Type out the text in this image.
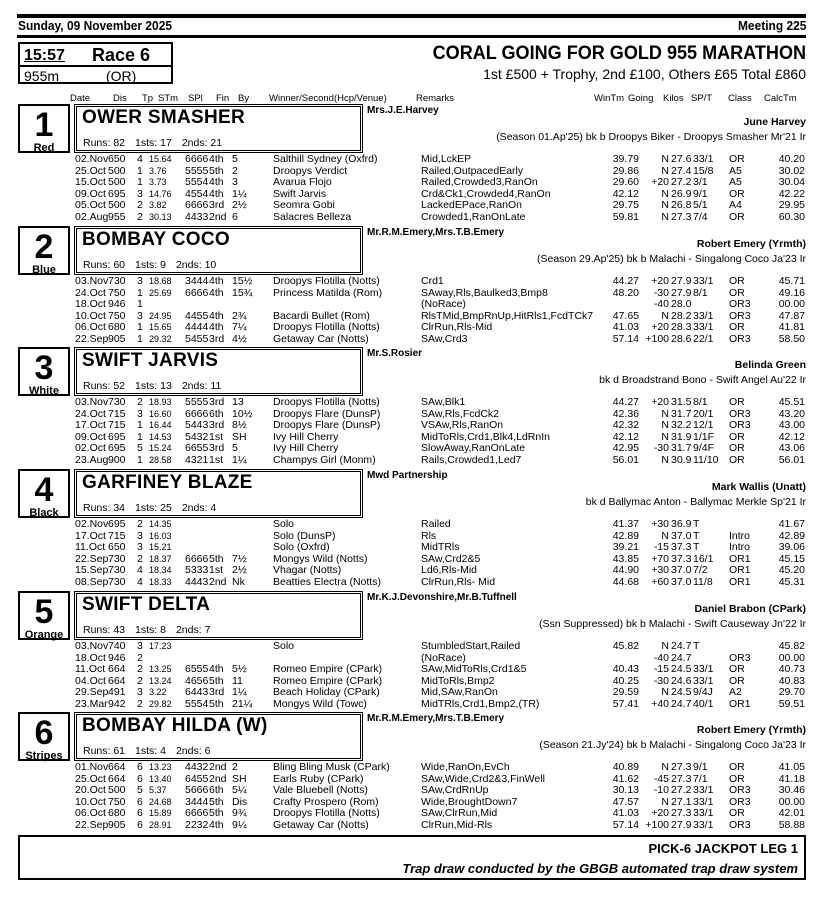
Sunday, 09 November 2025	Meeting 225
15:57 Race 6
955m	(OR)
CORAL GOING FOR GOLD 955 MARATHON
1st £500 + Trophy, 2nd £100, Others £65 Total £860
Date Dis Tp STm SPl Fin By Winner/Second(Hcp/Venue)	Remarks	WinTm Going Kilos SP/T Class CalcTm
1
Red
OWER SMASHER
Runs: 82 1sts: 17 2nds: 21
Mrs.J.E.Harvey
June Harvey
(Season 01.Ap'25) bk b Droopys Biker - Droopys Smasher Mr'21 Ir
02.Nov 650 4 15.64 6666 4th 5	Salthill Sydney (Oxfrd)	Mid,LckEP	39.79	N 27.6 33/1 OR	40.20
25.Oct 500 1 3.76 5555 5th 2	Droopys Verdict	Railed,OutpacedEarly	29.86	N 27.4 15/8 A5	30.02
15.Oct 500 1 3.73 5554 4th 3	Avarua Flojo	Railed,Crowded3,RanOn	29.60	+20 27.2 3/1 A5	30.04
09.Oct 695 3 14.76 4554 4th 1¼	Swift Jarvis	Crd&Ck1,Crowded4,RanOn	42.12	N 26.9 9/1 OR	42.22
05.Oct 500 2 3.82 6666 3rd 2½	Seomra Gobi	LackedEPace,RanOn	29.75	N 26.8 5/1 A4	29.95
02.Aug 955 2 30.13 4433 2nd 6	Salacres Belleza	Crowded1,RanOnLate	59.81	N 27.3 7/4 OR	60.30
2
Blue
BOMBAY COCO
Runs: 60 1sts: 9 2nds: 10
Mr.R.M.Emery,Mrs.T.B.Emery
Robert Emery (Yrmth)
(Season 29.Ap'25) bk b Malachi - Singalong Coco Ja'23 Ir
03.Nov 730 3 18.68 3444 4th 15½ Droopys Flotilla (Notts)	Crd1	44.27	+20 27.9 33/1 OR	45.71
24.Oct 750 1 25.69 6666 4th 15¾ Princess Matilda (Rom)	SAway,Rls,Baulked3,Bmp8	48.20	-30 27.9 8/1 OR	49.16
18.Oct 946 1	(NoRace)	-40 28.0	OR3	00.00
10.Oct 750 3 24.95 4455 4th 2¾	Bacardi Bullet (Rom)	RlsTMid,BmpRnUp,HitRls1,FcdTCk7	47.65	N 28.2 33/1 OR3	47.87
06.Oct 680 1 15.65 4444 4th 7¼	Droopys Flotilla (Notts)	ClrRun,Rls-Mid	41.03	+20 28.3 33/1 OR	41.81
22.Sep 905 1 29.32 5455 3rd 4½	Getaway Car (Notts)	SAw,Crd3	57.14 +100 28.6 22/1 OR3	58.50
3
White
SWIFT JARVIS
Runs: 52 1sts: 13 2nds: 11
Mr.S.Rosier
Belinda Green
bk d Broadstrand Bono - Swift Angel Au'22 Ir
03.Nov 730 2 18.93 5555 3rd 13	Droopys Flotilla (Notts)	SAw,Blk1	44.27	+20 31.5 8/1 OR	45.51
24.Oct 715 3 16.60 6666 6th 10½ Droopys Flare (DunsP)	SAw,Rls,FcdCk2	42.36	N 31.7 20/1 OR3	43.20
17.Oct 715 1 16.44 5443 3rd 8½	Droopys Flare (DunsP)	VSAw,Rls,RanOn	42.32	N 32.2 12/1 OR3	43.00
09.Oct 695 1 14.53 5432 1st SH	Ivy Hill Cherry	MidToRls,Crd1,Blk4,LdRnIn	42.12	N 31.9 1/1F OR	42.12
02.Oct 695 5 15.24 6655 3rd 5	Ivy Hill Cherry	SlowAway,RanOnLate	42.95	-30 31.7 9/4F OR	43.06
23.Aug 900 1 28.58 4321 1st 1¼	Champys Girl (Monm)	Rails,Crowded1,Led7	56.01	N 30.9 11/10 OR	56.01
4
Black
GARFINEY BLAZE
Runs: 34 1sts: 25 2nds: 4
Mwd Partnership
Mark Wallis (Unatt)
bk d Ballymac Anton - Ballymac Merkle Sp'21 Ir
02.Nov 695 2 14.35	Solo	Railed	41.37	+30 36.9 T	41.67
17.Oct 715 3 16.03	Solo (DunsP)	Rls	42.89	N 37.0 T	Intro	42.89
11.Oct 650 3 15.21	Solo (Oxfrd)	MidTRls	39.21	-15 37.3 T	Intro	39.06
22.Sep 730 2 18.37 6666 5th 7½	Mongys Wild (Notts)	SAw,Crd2&5	43.85	+70 37.3 16/1 OR1	45.15
15.Sep 730 4 18.34 5333 1st 2½	Vhagar (Notts)	Ld6,Rls-Mid	44.90	+30 37.0 7/2 OR1	45.20
08.Sep 730 4 18.33 4443 2nd Nk	Beatties Electra (Notts)	ClrRun,Rls- Mid	44.68	+60 37.0 11/8 OR1	45.31
5
Orange
SWIFT DELTA
Runs: 43 1sts: 8 2nds: 7
Mr.K.J.Devonshire,Mr.B.Tuffnell
Daniel Brabon (CPark)
(Ssn Suppressed) bk b Malachi - Swift Causeway Jn'22 Ir
03.Nov 740 3 17.23	Solo	StumbledStart,Railed	45.82	N 24.7 T	45.82
18.Oct 946 2	(NoRace)	-40 24.7	OR3	00.00
11.Oct 664 2 13.25 6555 4th 5½	Romeo Empire (CPark)	SAw,MidToRls,Crd1&5	40.43	-15 24.5 33/1 OR	40.73
04.Oct 664 2 13.24 4656 5th 11	Romeo Empire (CPark)	MidToRls,Bmp2	40.25	-30 24.6 33/1 OR	40.83
29.Sep 491 3 3.22 6443 3rd 1¼	Beach Holiday (CPark)	Mid,SAw,RanOn	29.59	N 24.5 9/4J A2	29.70
23.Mar 942 2 29.82 5554 5th 21¼ Mongys Wild (Towc)	MidTRls,Crd1,Bmp2,(TR)	57.41	+40 24.7 40/1 OR1	59.51
6
Stripes
BOMBAY HILDA (W)
Runs: 61 1sts: 4 2nds: 6
Mr.R.M.Emery,Mrs.T.B.Emery
Robert Emery (Yrmth)
(Season 21.Jy'24) bk b Malachi - Singalong Coco Ja'23 Ir
01.Nov 664 6 13.23 4432 2nd 2	Bling Bling Musk (CPark)	Wide,RanOn,EvCh	40.89	N 27.3 9/1 OR	41.05
25.Oct 664 6 13.40 6455 2nd SH	Earls Ruby (CPark)	SAw,Wide,Crd2&3,FinWell	41.62	-45 27.3 7/1 OR	41.18
20.Oct 500 5 5.37 5666 6th 5¼	Vale Bluebell (Notts)	SAw,CrdRnUp	30.13	-10 27.2 33/1 OR3	30.46
10.Oct 750 6 24.68 3444 5th Dis Crafty Prospero (Rom)	Wide,BroughtDown7	47.57	N 27.1 33/1 OR3	00.00
06.Oct 680 6 15.89 6666 5th 9¾	Droopys Flotilla (Notts)	SAw,ClrRun,Mid	41.03	+20 27.3 33/1 OR	42.01
22.Sep 905 6 28.91 2232 4th 9¼	Getaway Car (Notts)	ClrRun,Mid-Rls	57.14 +100 27.9 33/1 OR3	58.88
PICK-6 JACKPOT LEG 1
Trap draw conducted by the GBGB automated trap draw system
